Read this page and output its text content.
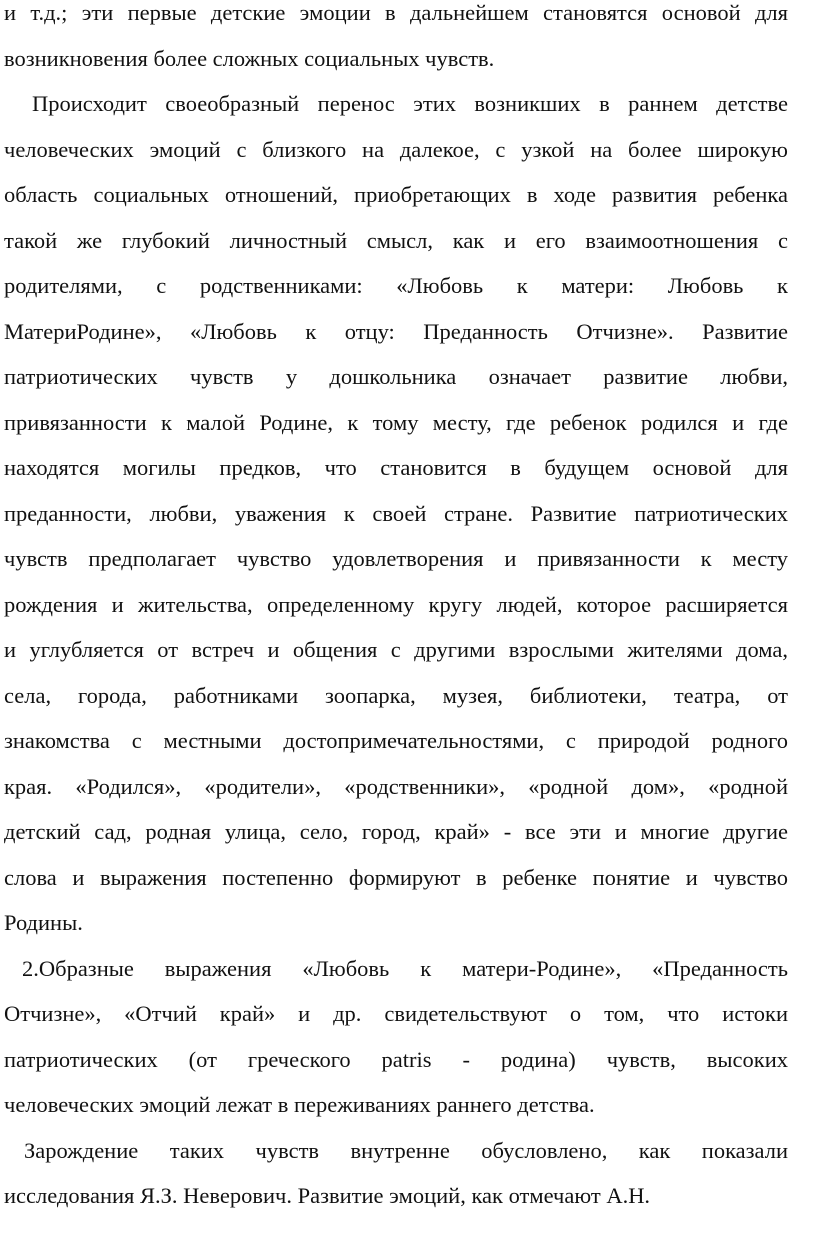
и т.д.; эти первые детские эмоции в дальнейшем становятся основой для
возникновения более сложных социальных чувств.
Происходит своеобразный перенос этих возникших в раннем детстве
человеческих эмоций с близкого на далекое, с узкой на более широкую
область социальных отношений, приобретающих в ходе развития ребенка
такой же глубокий личностный смысл, как и его взаимоотношения с
родителями, с родственниками: «Любовь к матери: Любовь к
МатериРодине», «Любовь к отцу: Преданность Отчизне». Развитие
патриотических чувств у дошкольника означает развитие любви,
привязанности к малой Родине, к тому месту, где ребенок родился и где
находятся могилы предков, что становится в будущем основой для
преданности, любви, уважения к своей стране. Развитие патриотических
чувств предполагает чувство удовлетворения и привязанности к месту
рождения и жительства, определенному кругу людей, которое расширяется
и углубляется от встреч и общения с другими взрослыми жителями дома,
села, города, работниками зоопарка, музея, библиотеки, театра, от
знакомства с местными достопримечательностями, с природой родного
края. «Родился», «родители», «родственники», «родной дом», «родной
детский сад, родная улица, село, город, край» - все эти и многие другие
слова и выражения постепенно формируют в ребенке понятие и чувство
Родины.
2.Образные выражения «Любовь к матери-Родине», «Преданность
Отчизне», «Отчий край» и др. свидетельствуют о том, что истоки
патриотических (от греческого patris - родина) чувств, высоких
человеческих эмоций лежат в переживаниях раннего детства.
Зарождение таких чувств внутренне обусловлено, как показали
исследования Я.З. Неверович. Развитие эмоций, как отмечают А.Н.
